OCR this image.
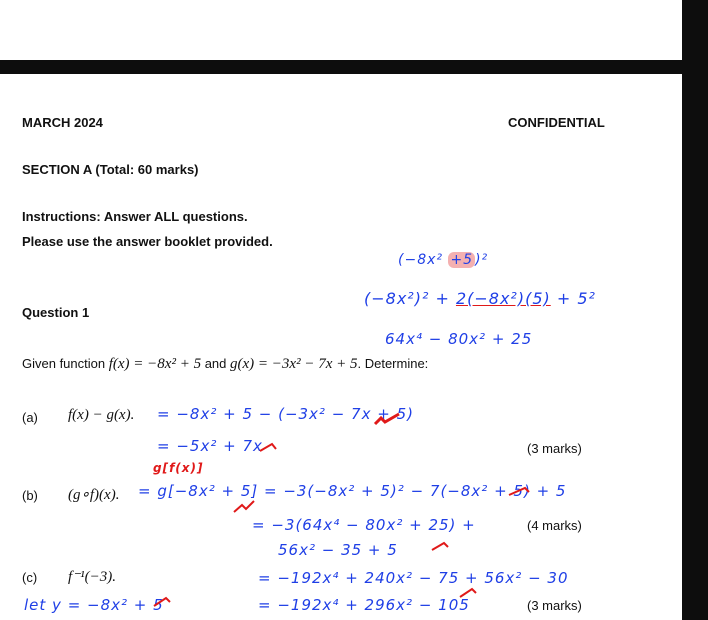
MARCH 2024	CONFIDENTIAL
SECTION A (Total: 60 marks)
Instructions: Answer ALL questions.
Please use the answer booklet provided.
Question 1
Given function f(x) = −8x² + 5 and g(x) = −3x² − 7x + 5. Determine:
(a) f(x) − g(x).
(3 marks)
(b) (g∘f)(x).
(4 marks)
(c) f⁻¹(−3).
(3 marks)
(−8x² +5 )²
(−8x²)² + 2(−8x²)(5) + 5²
64x⁴ − 80x² + 25
= −8x² + 5 − (−3x² − 7x + 5)
= −5x² + 7x
g[f(x)]
= g[−8x² + 5] = −3(−8x² + 5)² − 7(−8x² + 5) + 5
= −3(64x⁴ − 80x² + 25) +
56x² − 35 + 5
= −192x⁴ + 240x² − 75 + 56x² − 30
= −192x⁴ + 296x² − 105
let y = −8x² + 5
